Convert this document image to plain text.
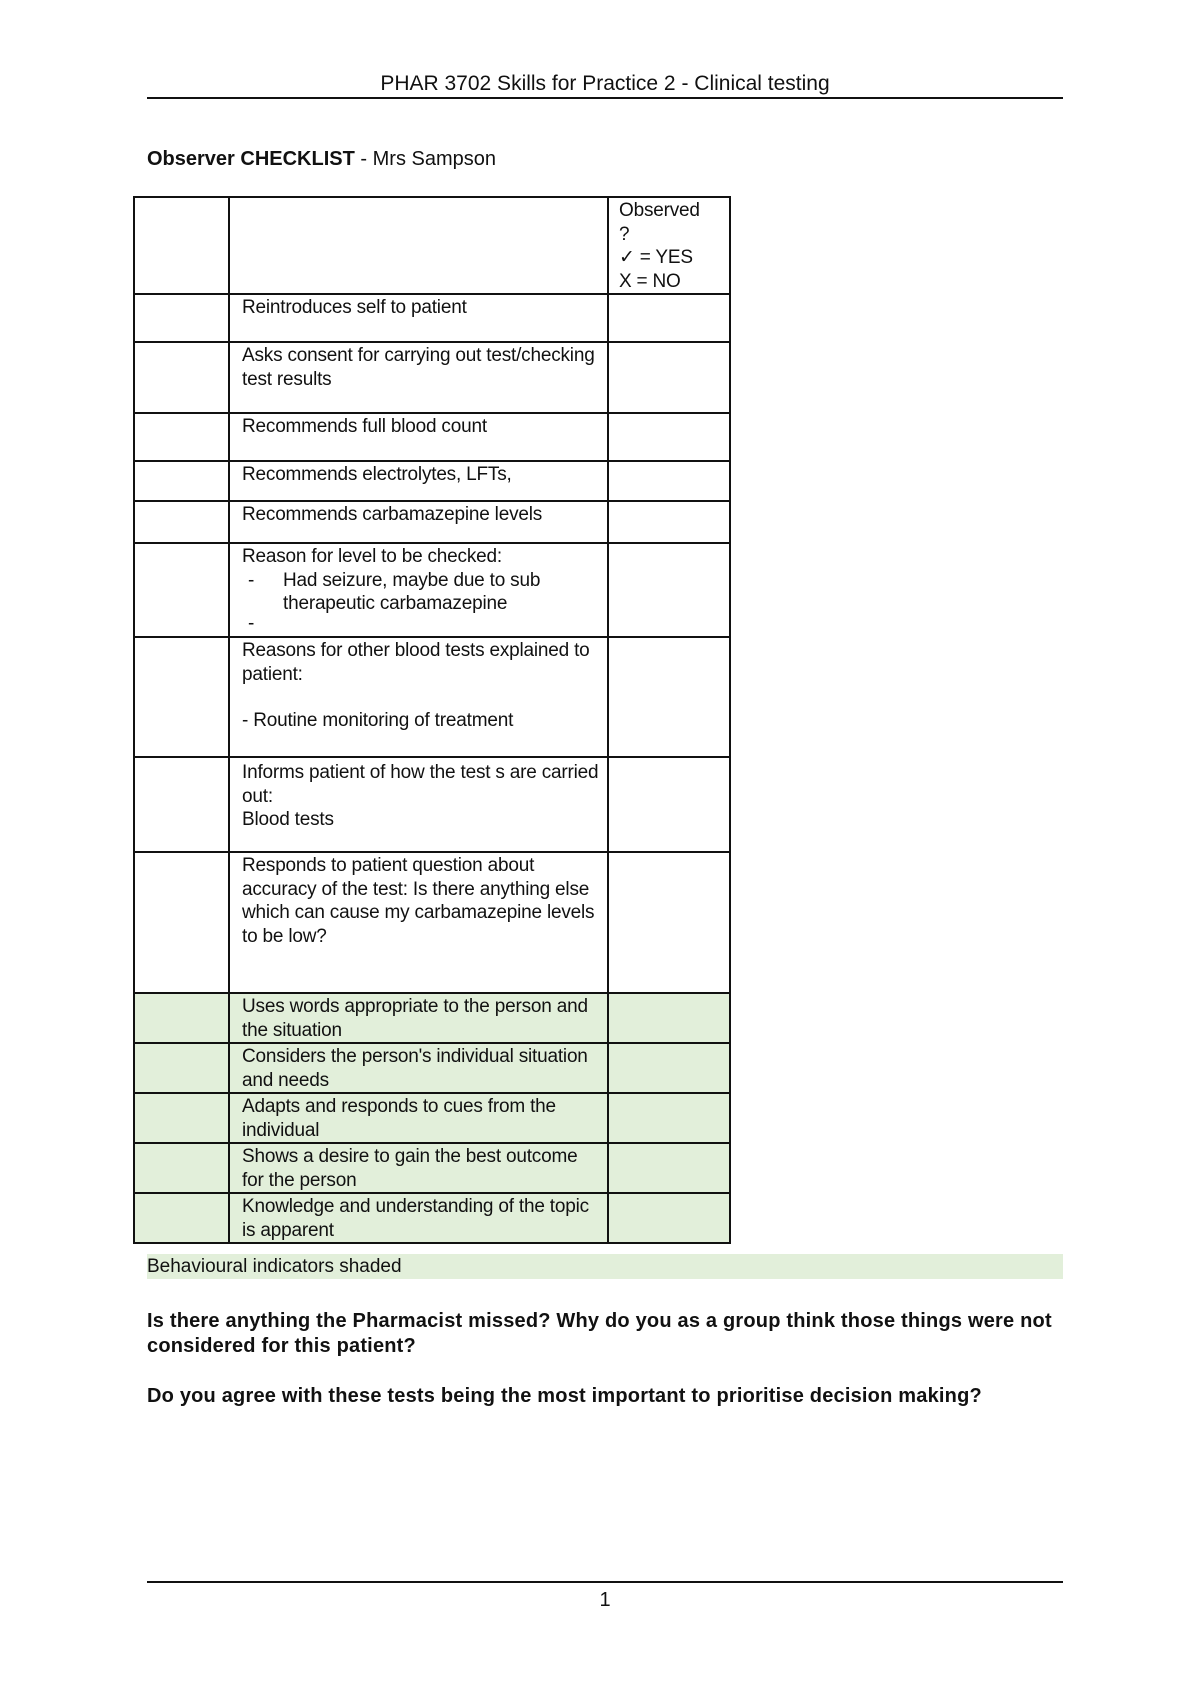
PHAR 3702 Skills for Practice 2 - Clinical testing
Observer CHECKLIST - Mrs Sampson

		Observed
?
✓ = YES
X = NO

	Reintroduces self to patient	
	Asks consent for carrying out test/checking test results	
	Recommends full blood count	
	Recommends electrolytes, LFTs,	
	Recommends carbamazepine levels	

	Reason for level to be checked:
- Had seizure, maybe due to sub therapeutic carbamazepine
-	

	Reasons for other blood tests explained to patient:
- Routine monitoring of treatment	

	Informs patient of how the test s are carried out:
Blood tests	

	Responds to patient question about accuracy of the test: Is there anything else which can cause my carbamazepine levels to be low?	
	Uses words appropriate to the person and the situation	
	Considers the person's individual situation and needs	
	Adapts and responds to cues from the individual	
	Shows a desire to gain the best outcome for the person	
	Knowledge and understanding of the topic is apparent	
Behavioural indicators shaded
Is there anything the Pharmacist missed? Why do you as a group think those things were not considered for this patient?
Do you agree with these tests being the most important to prioritise decision making?
1
